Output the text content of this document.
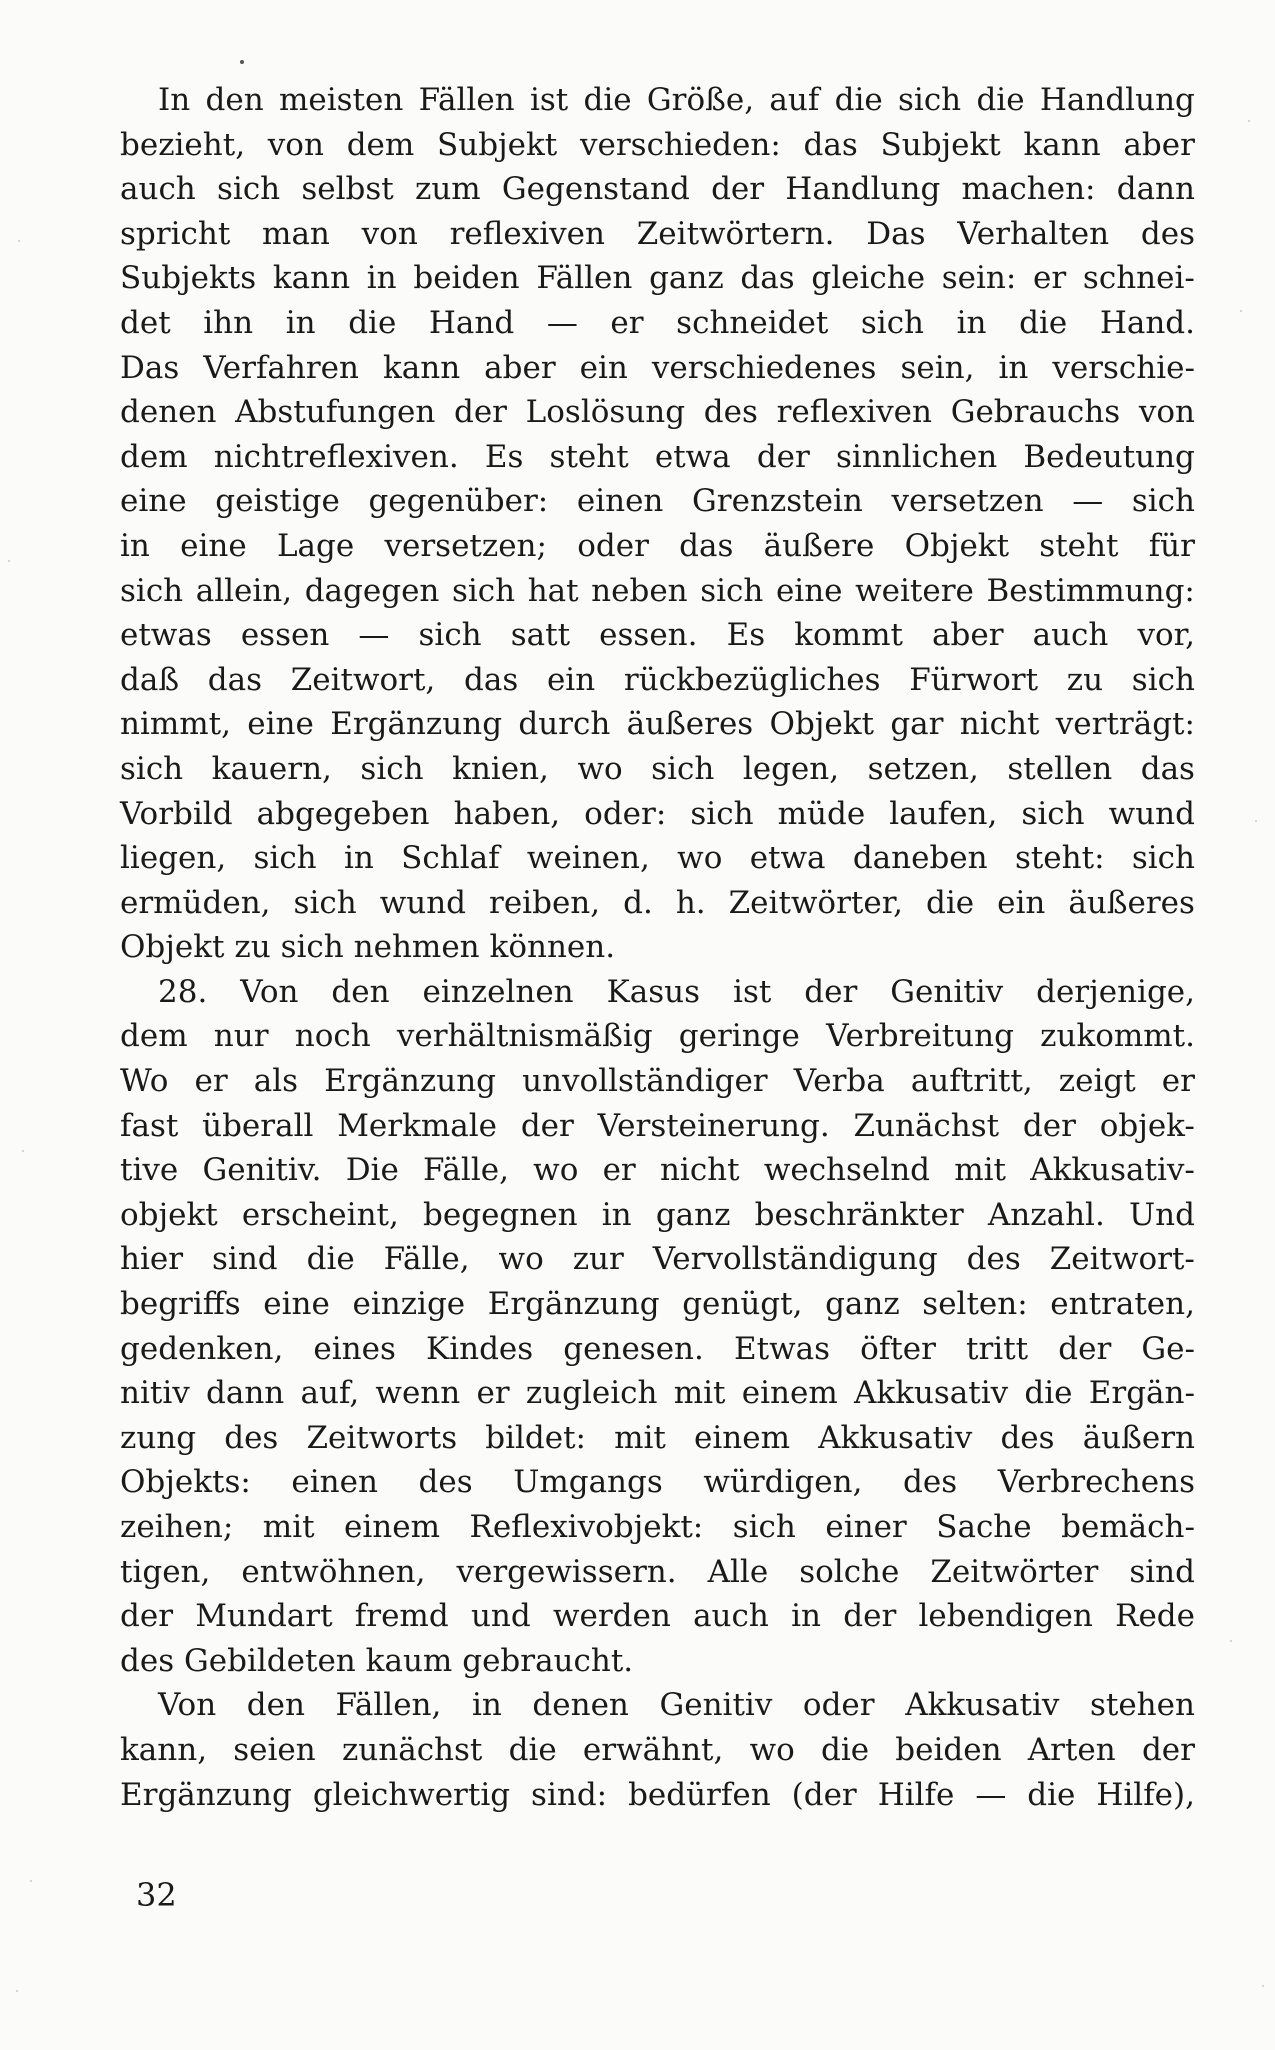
In den meisten Fällen ist die Größe, auf die sich die Handlung
bezieht, von dem Subjekt verschieden: das Subjekt kann aber
auch sich selbst zum Gegenstand der Handlung machen: dann
spricht man von reflexiven Zeitwörtern. Das Verhalten des
Subjekts kann in beiden Fällen ganz das gleiche sein: er schnei-
det ihn in die Hand — er schneidet sich in die Hand.
Das Verfahren kann aber ein verschiedenes sein, in verschie-
denen Abstufungen der Loslösung des reflexiven Gebrauchs von
dem nichtreflexiven. Es steht etwa der sinnlichen Bedeutung
eine geistige gegenüber: einen Grenzstein versetzen — sich
in eine Lage versetzen; oder das äußere Objekt steht für
sich allein, dagegen sich hat neben sich eine weitere Bestimmung:
etwas essen — sich satt essen. Es kommt aber auch vor,
daß das Zeitwort, das ein rückbezügliches Fürwort zu sich
nimmt, eine Ergänzung durch äußeres Objekt gar nicht verträgt:
sich kauern, sich knien, wo sich legen, setzen, stellen das
Vorbild abgegeben haben, oder: sich müde laufen, sich wund
liegen, sich in Schlaf weinen, wo etwa daneben steht: sich
ermüden, sich wund reiben, d. h. Zeitwörter, die ein äußeres
Objekt zu sich nehmen können.
28. Von den einzelnen Kasus ist der Genitiv derjenige,
dem nur noch verhältnismäßig geringe Verbreitung zukommt.
Wo er als Ergänzung unvollständiger Verba auftritt, zeigt er
fast überall Merkmale der Versteinerung. Zunächst der objek-
tive Genitiv. Die Fälle, wo er nicht wechselnd mit Akkusativ-
objekt erscheint, begegnen in ganz beschränkter Anzahl. Und
hier sind die Fälle, wo zur Vervollständigung des Zeitwort-
begriffs eine einzige Ergänzung genügt, ganz selten: entraten,
gedenken, eines Kindes genesen. Etwas öfter tritt der Ge-
nitiv dann auf, wenn er zugleich mit einem Akkusativ die Ergän-
zung des Zeitworts bildet: mit einem Akkusativ des äußern
Objekts: einen des Umgangs würdigen, des Verbrechens
zeihen; mit einem Reflexivobjekt: sich einer Sache bemäch-
tigen, entwöhnen, vergewissern. Alle solche Zeitwörter sind
der Mundart fremd und werden auch in der lebendigen Rede
des Gebildeten kaum gebraucht.
Von den Fällen, in denen Genitiv oder Akkusativ stehen
kann, seien zunächst die erwähnt, wo die beiden Arten der
Ergänzung gleichwertig sind: bedürfen (der Hilfe — die Hilfe),
32
